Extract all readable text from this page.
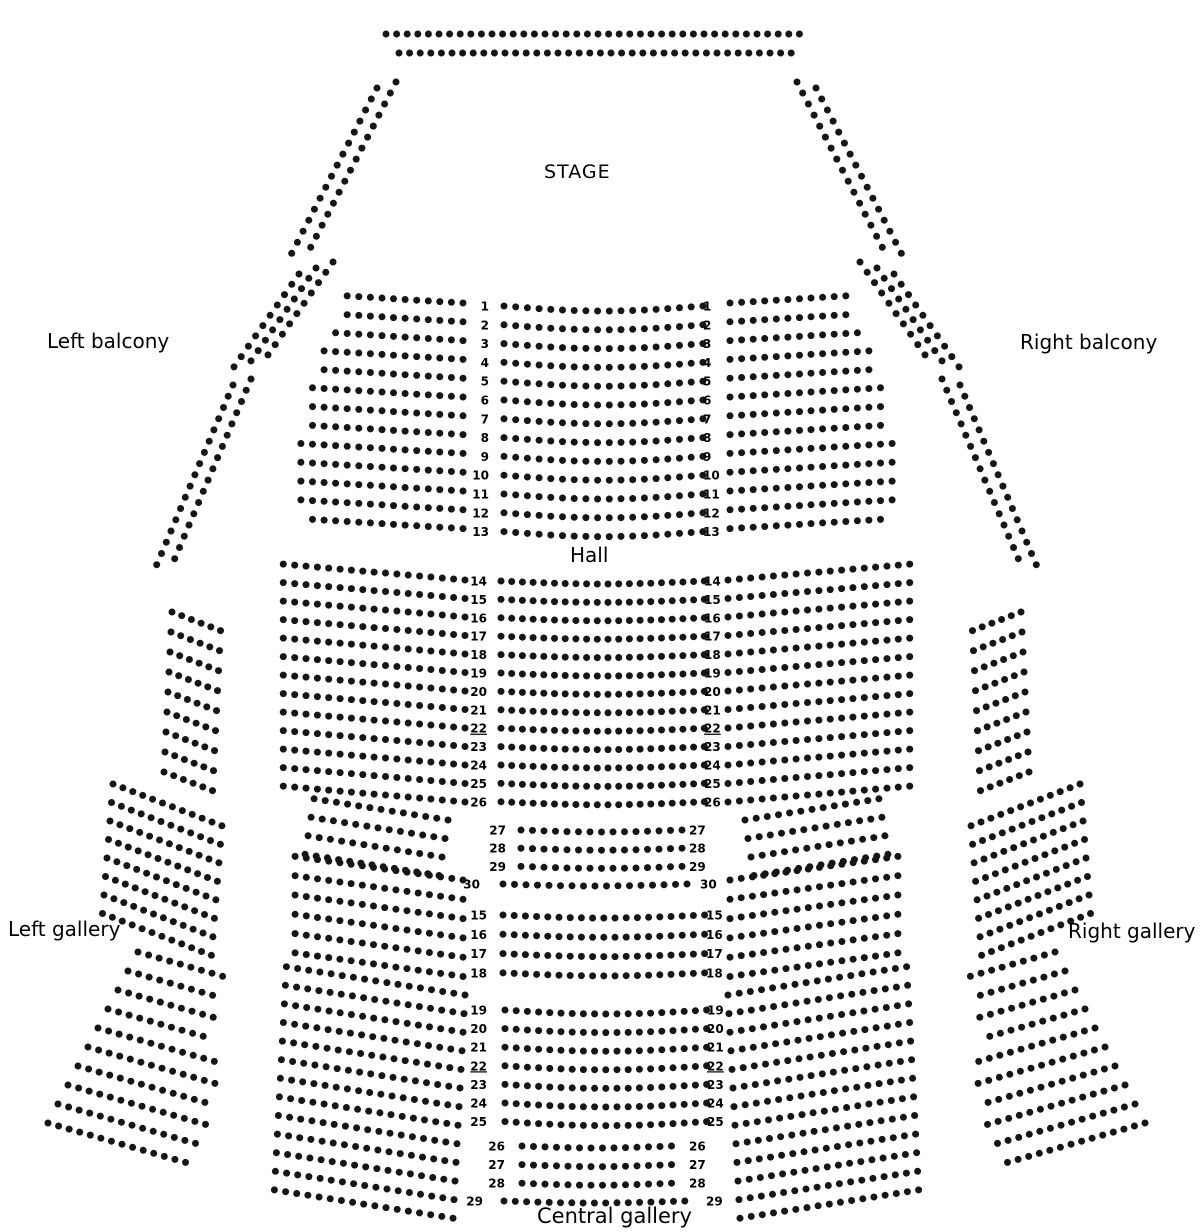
1	1
2	2
3	3
4	4
5	5
6	6
7	7
8	8
9	9
10	10
11	11
12	12
13	13
14	14
15	15
16	16
17	17
18	18
19	19
20	20
21	21
22	22
23	23
24	24
25	25
26	26
27	27
28	28
29	29
30	30
15	15
16	16
17	17
18	18
19	19
20	20
21	21
22	22
23	23
24	24
25	25
26	26
27	27
28	28
29	29
STAGE
Hall
Left balcony	Right balcony
Left gallery	Right gallery
Central gallery
